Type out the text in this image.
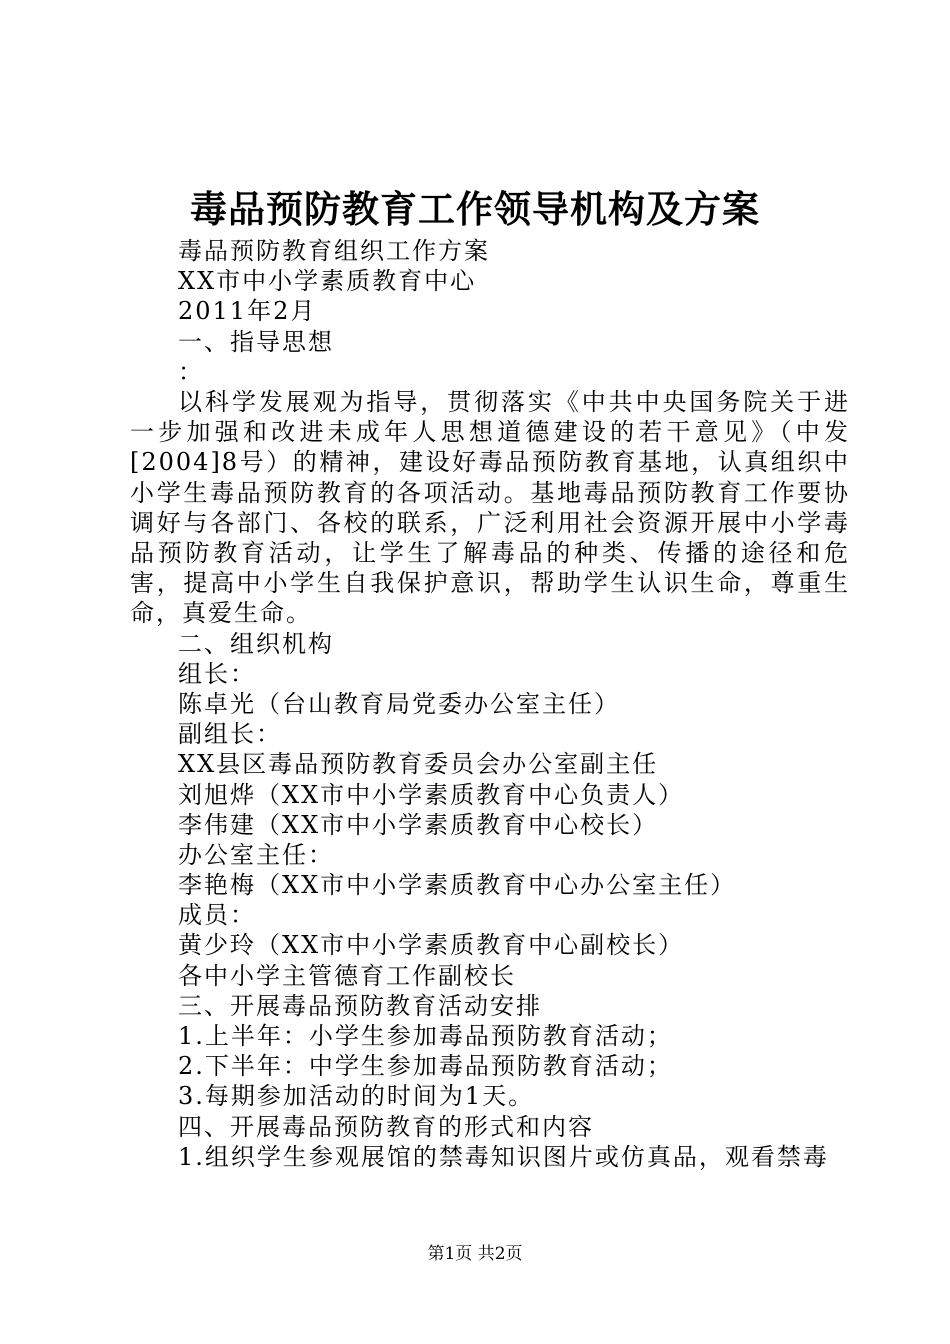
毒品预防教育工作领导机构及方案
毒品预防教育组织工作方案
XX市中小学素质教育中心
2011年2月
一、指导思想
：
以科学发展观为指导，贯彻落实《中共中央国务院关于进一步加强和改进未成年人思想道德建设的若干意见》（中发[2004]8号）的精神，建设好毒品预防教育基地，认真组织中小学生毒品预防教育的各项活动。基地毒品预防教育工作要协调好与各部门、各校的联系，广泛利用社会资源开展中小学毒品预防教育活动，让学生了解毒品的种类、传播的途径和危害，提高中小学生自我保护意识，帮助学生认识生命，尊重生命，真爱生命。
二、组织机构
组长：
陈卓光（台山教育局党委办公室主任）
副组长：
XX县区毒品预防教育委员会办公室副主任
刘旭烨（XX市中小学素质教育中心负责人）
李伟建（XX市中小学素质教育中心校长）
办公室主任：
李艳梅（XX市中小学素质教育中心办公室主任）
成员：
黄少玲（XX市中小学素质教育中心副校长）
各中小学主管德育工作副校长
三、开展毒品预防教育活动安排
1.上半年：小学生参加毒品预防教育活动；
2.下半年：中学生参加毒品预防教育活动；
3.每期参加活动的时间为1天。
四、开展毒品预防教育的形式和内容
1.组织学生参观展馆的禁毒知识图片或仿真品，观看禁毒
第1页 共2页
